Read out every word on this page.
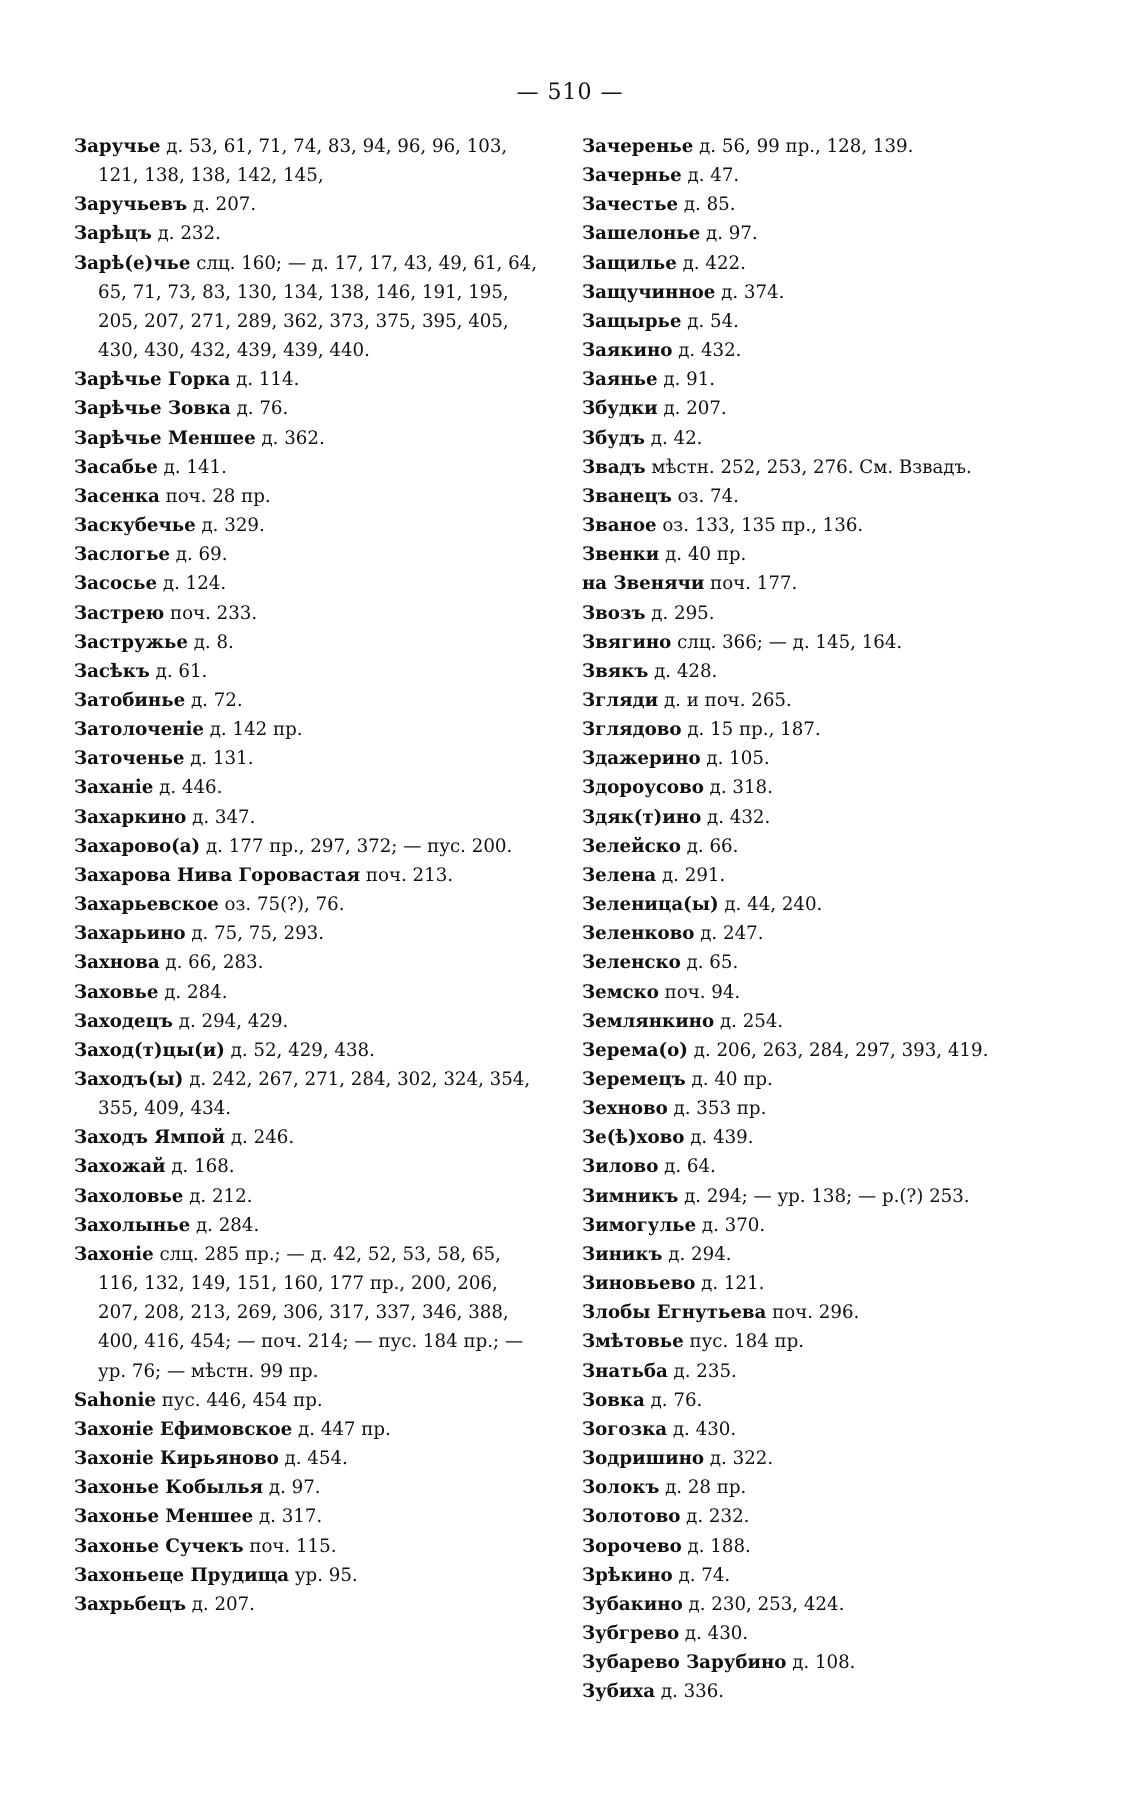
— 510 —

Заручье д. 53, 61, 71, 74, 83, 94, 96, 96, 103, 121, 138, 138, 142, 145,

Заручьевъ д. 207.

Зарѣцъ д. 232.

Зарѣ(е)чье слц. 160; — д. 17, 17, 43, 49, 61, 64, 65, 71, 73, 83, 130, 134, 138, 146, 191, 195, 205, 207, 271, 289, 362, 373, 375, 395, 405, 430, 430, 432, 439, 439, 440.

Зарѣчье Горка д. 114.

Зарѣчье Зовка д. 76.

Зарѣчье Меншее д. 362.

Засабье д. 141.

Засенка поч. 28 пр.

Заскубечье д. 329.

Заслогье д. 69.

Засосье д. 124.

Застрею поч. 233.

Застружье д. 8.

Засѣкъ д. 61.

Затобинье д. 72.

Затолоченіе д. 142 пр.

Заточенье д. 131.

Заханіе д. 446.

Захаркино д. 347.

Захарово(а) д. 177 пр., 297, 372; — пус. 200.

Захарова Нива Горовастая поч. 213.

Захарьевское оз. 75(?), 76.

Захарьино д. 75, 75, 293.

Захнова д. 66, 283.

Заховье д. 284.

Заходецъ д. 294, 429.

Заход(т)цы(и) д. 52, 429, 438.

Заходъ(ы) д. 242, 267, 271, 284, 302, 324, 354, 355, 409, 434.

Заходъ Ямпой д. 246.

Захожай д. 168.

Захоловье д. 212.

Захолынье д. 284.

Захоніе слц. 285 пр.; — д. 42, 52, 53, 58, 65, 116, 132, 149, 151, 160, 177 пр., 200, 206, 207, 208, 213, 269, 306, 317, 337, 346, 388, 400, 416, 454; — поч. 214; — пус. 184 пр.; — ур. 76; — мѣстн. 99 пр.

Sahonie пус. 446, 454 пр.

Захоніе Ефимовское д. 447 пр.

Захоніе Кирьяново д. 454.

Захонье Кобылья д. 97.

Захонье Меншее д. 317.

Захонье Сучекъ поч. 115.

Захоньеце Прудища ур. 95.

Захрьбецъ д. 207.

Зачеренье д. 56, 99 пр., 128, 139.

Зачернье д. 47.

Зачестье д. 85.

Зашелонье д. 97.

Защилье д. 422.

Защучинное д. 374.

Защырье д. 54.

Заякино д. 432.

Заянье д. 91.

Збудки д. 207.

Збудъ д. 42.

Звадъ мѣстн. 252, 253, 276. См. Взвадъ.

Званецъ оз. 74.

Званое оз. 133, 135 пр., 136.

Звенки д. 40 пр.

на Звенячи поч. 177.

Звозъ д. 295.

Звягино слц. 366; — д. 145, 164.

Звякъ д. 428.

Згляди д. и поч. 265.

Зглядово д. 15 пр., 187.

Здажерино д. 105.

Здороусово д. 318.

Здяк(т)ино д. 432.

Зелейско д. 66.

Зелена д. 291.

Зеленица(ы) д. 44, 240.

Зеленково д. 247.

Зеленско д. 65.

Земско поч. 94.

Землянкино д. 254.

Зерема(о) д. 206, 263, 284, 297, 393, 419.

Зеремецъ д. 40 пр.

Зехново д. 353 пр.

Зе(ѣ)хово д. 439.

Зилово д. 64.

Зимникъ д. 294; — ур. 138; — р.(?) 253.

Зимогулье д. 370.

Зиникъ д. 294.

Зиновьево д. 121.

Злобы Егнутьева поч. 296.

Змѣтовье пус. 184 пр.

Знатьба д. 235.

Зовка д. 76.

Зогозка д. 430.

Зодришино д. 322.

Золокъ д. 28 пр.

Золотово д. 232.

Зорочево д. 188.

Зрѣкино д. 74.

Зубакино д. 230, 253, 424.

Зубгрево д. 430.

Зубарево Зарубино д. 108.

Зубиха д. 336.
